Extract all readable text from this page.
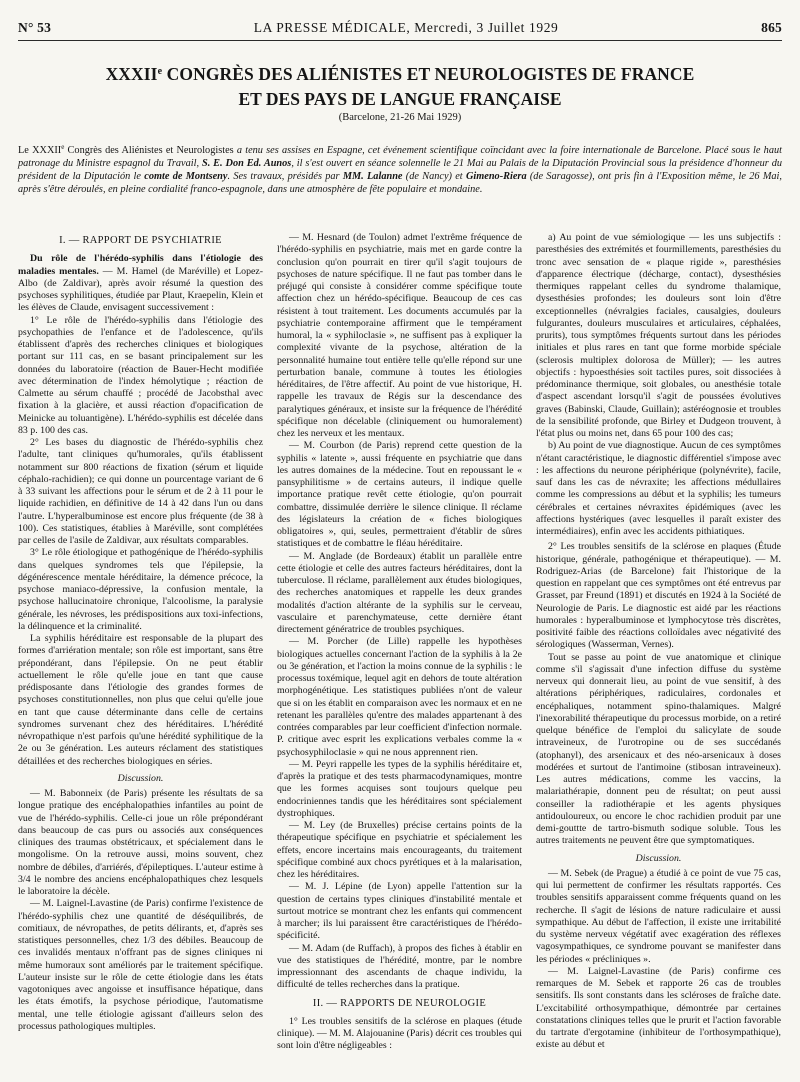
N° 53	LA PRESSE MÉDICALE, Mercredi, 3 Juillet 1929	865
XXXIIe CONGRÈS DES ALIÉNISTES ET NEUROLOGISTES DE FRANCE
ET DES PAYS DE LANGUE FRANÇAISE
(Barcelone, 21-26 Mai 1929)
Le XXXIIe Congrès des Aliénistes et Neurologistes a tenu ses assises en Espagne, cet événement scientifique coïncidant avec la foire internationale de Barcelone. Placé sous le haut patronage du Ministre espagnol du Travail, S. E. Don Ed. Aunos, il s'est ouvert en séance solennelle le 21 Mai au Palais de la Diputación Provincial sous la présidence d'honneur du président de la Diputación le comte de Montseny. Ses travaux, présidés par MM. Lalanne (de Nancy) et Gimeno-Riera (de Saragosse), ont pris fin à l'Exposition même, le 26 Mai, après s'être déroulés, en pleine cordialité franco-espagnole, dans une atmosphère de fête populaire et mondaine.
I. — RAPPORT DE PSYCHIATRIE

Du rôle de l'hérédo-syphilis dans l'étiologie des maladies mentales. — M. Hamel (de Maréville) et Lopez-Albo (de Zaldivar), après avoir résumé la question des psychoses syphilitiques, étudiée par Plaut, Kraepelin, Klein et les élèves de Claude, envisagent successivement :

1° Le rôle de l'hérédo-syphilis dans l'étiologie des psychopathies de l'enfance et de l'adolescence, qu'ils établissent d'après des recherches cliniques et biologiques portant sur 111 cas, en se basant principalement sur les données du laboratoire (réaction de Bauer-Hecht modifiée avec détermination de l'index hémolytique ; réaction de Calmette au sérum chauffé ; procédé de Jacobsthal avec fixation à la glacière, et aussi réaction d'opacification de Meinicke au toluantigène). L'hérédo-syphilis est décelée dans 83 p. 100 des cas.

2° Les bases du diagnostic de l'hérédo-syphilis chez l'adulte, tant cliniques qu'humorales, qu'ils établissent notamment sur 800 réactions de fixation (sérum et liquide céphalo-rachidien); ce qui donne un pourcentage variant de 6 à 33 suivant les affections pour le sérum et de 2 à 11 pour le liquide rachidien, en définitive de 14 à 42 dans l'un ou dans l'autre. L'hyperalbuminose est encore plus fréquente (de 38 à 100). Ces statistiques, établies à Maréville, sont complétées par celles de l'asile de Zaldivar, aux résultats comparables.

3° Le rôle étiologique et pathogénique de l'hérédo-syphilis dans quelques syndromes tels que l'épilepsie, la dégénérescence mentale héréditaire, la démence précoce, la psychose maniaco-dépressive, la confusion mentale, la psychose hallucinatoire chronique, l'alcoolisme, la paralysie générale, les névroses, les prédispositions aux toxi-infections, la délinquence et la criminalité.

La syphilis héréditaire est responsable de la plupart des formes d'arriération mentale; son rôle est important, sans être prépondérant, dans l'épilepsie. On ne peut établir actuellement le rôle qu'elle joue en tant que cause prédisposante dans l'étiologie des grandes formes de psychoses constitutionnelles, non plus que celui qu'elle joue en tant que cause déterminante dans celle de certains syndromes survenant chez des héréditaires. L'hérédité névropathique n'est parfois qu'une hérédité syphilitique de la 2e ou 3e génération. Les auteurs réclament des statistiques détaillées et des recherches biologiques en séries.

Discussion.

— M. Babonneix (de Paris) présente les résultats de sa longue pratique des encéphalopathies infantiles au point de vue de l'hérédo-syphilis. Celle-ci joue un rôle prépondérant dans beaucoup de cas purs ou associés aux conséquences cliniques des traumas obstétricaux, et spécialement dans le mongolisme. On la retrouve aussi, moins souvent, chez nombre de débiles, d'arriérés, d'épileptiques. L'auteur estime à 3/4 le nombre des anciens encéphalopathiques chez lesquels le laboratoire la décèle.

— M. Laignel-Lavastine (de Paris) confirme l'existence de l'hérédo-syphilis chez une quantité de déséquilibrés, de comitiaux, de névropathes, de petits délirants, et, d'après ses statistiques personnelles, chez 1/3 des débiles. Beaucoup de ces invalidés mentaux n'offrant pas de signes cliniques ni même humoraux sont améliorés par le traitement spécifique. L'auteur insiste sur le rôle de cette étiologie dans les états vagotoniques avec angoisse et insuffisance hépatique, dans les états émotifs, la psychose périodique, l'automatisme mental, une telle étiologie agissant d'ailleurs selon des processus pathologiques multiples.

— M. Hesnard (de Toulon) admet l'extrême fréquence de l'hérédo-syphilis en psychiatrie, mais met en garde contre la conclusion qu'on pourrait en tirer qu'il s'agit toujours de psychoses de nature spécifique. Il ne faut pas tomber dans le préjugé qui consiste à considérer comme spécifique toute affection chez un hérédo-spécifique. Beaucoup de ces cas résistent à tout traitement. Les documents accumulés par la psychiatrie contemporaine affirment que le tempérament humoral, la « syphiloclasie », ne suffisent pas à expliquer la complexité vivante de la psychose, altération de la personnalité humaine tout entière telle qu'elle répond sur une perturbation banale, commune à toutes les étiologies héréditaires, de l'être affectif. Au point de vue historique, H. rappelle les travaux de Régis sur la descendance des paralytiques généraux, et insiste sur la fréquence de l'hérédité spécifique non décelable (cliniquement ou humoralement) chez les nerveux et les mentaux.

— M. Courbon (de Paris) reprend cette question de la syphilis « latente », aussi fréquente en psychiatrie que dans les autres domaines de la médecine. Tout en repoussant le « pansyphilitisme » de certains auteurs, il indique quelle importance pratique revêt cette étiologie, qu'on pourrait combattre, dissimulée derrière le silence clinique. Il réclame des législateurs la création de « fiches biologiques obligatoires », qui, seules, permettraient d'établir de sûres statistiques et de combattre le fléau héréditaire.

— M. Anglade (de Bordeaux) établit un parallèle entre cette étiologie et celle des autres facteurs héréditaires, dont la tuberculose. Il réclame, parallèlement aux études biologiques, des recherches anatomiques et rappelle les deux grandes modalités d'action altérante de la syphilis sur le cerveau, vasculaire et parenchymateuse, cette dernière étant directement génératrice de troubles psychiques.

— M. Porcher (de Lille) rappelle les hypothèses biologiques actuelles concernant l'action de la syphilis à la 2e ou 3e génération, et l'action la moins connue de la syphilis : le processus toxémique, lequel agit en dehors de toute altération morphogénétique. Les statistiques publiées n'ont de valeur que si on les établit en comparaison avec les normaux et en ne retenant les parallèles qu'entre des malades appartenant à des contrées comparables par leur coefficient d'infection normale. P. critique avec esprit les explications verbales comme la « psychosyphiloclasie » qui ne nous apprennent rien.

— M. Peyri rappelle les types de la syphilis héréditaire et, d'après la pratique et des tests pharmacodynamiques, montre que les formes acquises sont toujours quelque peu endocriniennes tandis que les héréditaires sont spécialement dystrophiques.

— M. Ley (de Bruxelles) précise certains points de la thérapeutique spécifique en psychiatrie et spécialement les effets, encore incertains mais encourageants, du traitement spécifique combiné aux chocs pyrétiques et à la malarisation, chez les héréditaires.

— M. J. Lépine (de Lyon) appelle l'attention sur la question de certains types cliniques d'instabilité mentale et surtout motrice se montrant chez les enfants qui commencent à marcher; ils lui paraissent être caractéristiques de l'hérédo-spécificité.

— M. Adam (de Ruffach), à propos des fiches à établir en vue des statistiques de l'hérédité, montre, par le nombre impressionnant des ascendants de chaque individu, la difficulté de telles recherches dans la pratique.

II. — RAPPORTS DE NEUROLOGIE

1° Les troubles sensitifs de la sclérose en plaques (étude clinique). — M. M. Alajouanine (Paris) décrit ces troubles qui sont loin d'être négligeables :

a) Au point de vue sémiologique — les uns subjectifs : paresthésies des extrémités et fourmillements, paresthésies du tronc avec sensation de « plaque rigide », paresthésies d'apparence électrique (décharge, contact), dysesthésies thermiques rappelant celles du syndrome thalamique, dysesthésies profondes; les douleurs sont loin d'être exceptionnelles (névralgies faciales, causalgies, douleurs fulgurantes, douleurs musculaires et articulaires, céphalées, prurits), tous symptômes fréquents surtout dans les périodes initiales et plus rares en tant que forme morbide spéciale (sclerosis multiplex dolorosa de Müller); — les autres objectifs : hypoesthésies soit tactiles pures, soit dissociées à prédominance thermique, soit globales, ou anesthésie totale d'aspect ascendant lorsqu'il s'agit de poussées évolutives graves (Babinski, Claude, Guillain); astéréognosie et troubles de la sensibilité profonde, que Birley et Dudgeon trouvent, à l'état plus ou moins net, dans 65 pour 100 des cas;

b) Au point de vue diagnostique. Aucun de ces symptômes n'étant caractéristique, le diagnostic différentiel s'impose avec : les affections du neurone périphérique (polynévrite), facile, sauf dans les cas de névraxite; les affections médullaires comme les compressions au début et la syphilis; les tumeurs cérébrales et certaines névraxites épidémiques (avec les affections hystériques (avec lesquelles il paraît exister des intermédiaires), enfin avec les accidents pithiatiques.

2° Les troubles sensitifs de la sclérose en plaques (Étude historique, générale, pathogénique et thérapeutique). — M. Rodriguez-Arias (de Barcelone) fait l'historique de la question en rappelant que ces symptômes ont été entrevus par Grasset, par Freund (1891) et discutés en 1924 à la Société de Neurologie de Paris. Le diagnostic est aidé par les réactions humorales : hyperalbuminose et lymphocytose très discrètes, positivité faible des réactions colloïdales avec négativité des sérologiques (Wasserman, Vernes).

Tout se passe au point de vue anatomique et clinique comme s'il s'agissait d'une infection diffuse du système nerveux qui donnerait lieu, au point de vue sensitif, à des altérations périphériques, radiculaires, cordonales et encéphaliques, notamment spino-thalamiques. Malgré l'inexorabilité thérapeutique du processus morbide, on a retiré quelque bénéfice de l'emploi du salicylate de soude intraveineux, de l'urotropine ou de ses succédanés (atophanyl), des arsenicaux et des néo-arsenicaux à doses modérées et surtout de l'antimoine (stibosan intraveineux). Les autres médications, comme les vaccins, la malariathérapie, donnent peu de résultat; on peut aussi conseiller la radiothérapie et les agents physiques antidouloureux, ou encore le choc rachidien produit par une demi-gouttte de tartro-bismuth sodique soluble. Tous les autres traitements ne peuvent être que symptomatiques.

Discussion.

— M. Sebek (de Prague) a étudié à ce point de vue 75 cas, qui lui permettent de confirmer les résultats rapportés. Ces troubles sensitifs apparaissent comme fréquents quand on les recherche. Il s'agit de lésions de nature radiculaire et aussi sympathique. Au début de l'affection, il existe une irritabilité du système nerveux végétatif avec exagération des réflexes vagosympathiques, ce syndrome pouvant se manifester dans les périodes « précliniques ».

— M. Laignel-Lavastine (de Paris) confirme ces remarques de M. Sebek et rapporte 26 cas de troubles sensitifs. Ils sont constants dans les scléroses de fraîche date. L'excitabilité orthosympathique, démontrée par certaines constatations cliniques telles que le prurit et l'action favorable du tartrate d'ergotamine (inhibiteur de l'orthosympathique), existe au début et
